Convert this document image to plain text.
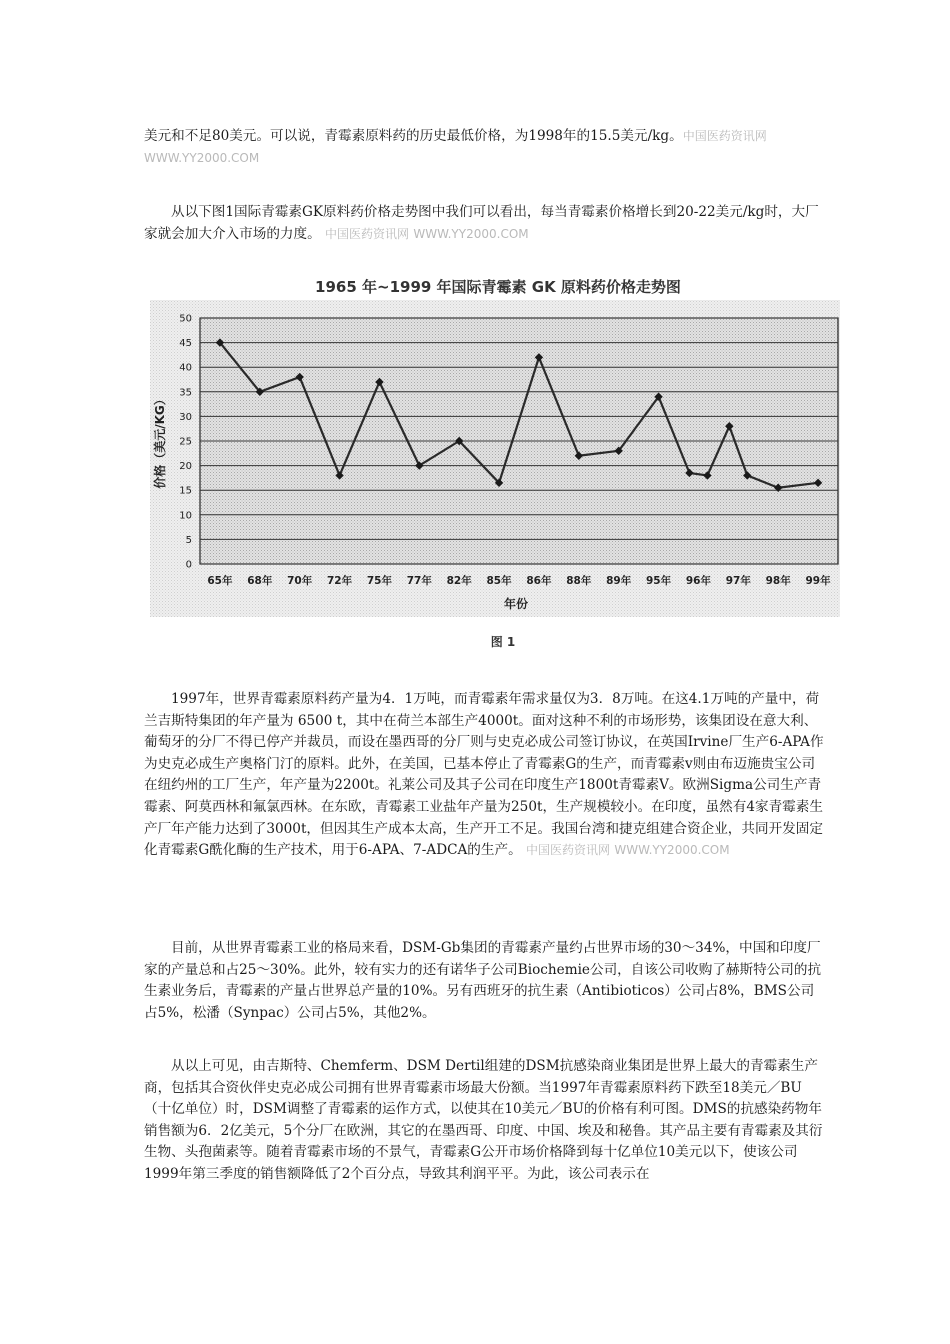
美元和不足80美元。可以说，青霉素原料药的历史最低价格，为1998年的15.5美元/kg。中国医药资讯网
WWW.YY2000.COM

从以下图1国际青霉素GK原料药价格走势图中我们可以看出，每当青霉素价格增长到20-22美元/kg时，大厂家就会加大介入市场的力度。 中国医药资讯网 WWW.YY2000.COM

1965 年~1999 年国际青霉素 GK 原料药价格走势图
0
5
10
15
20
25
30
35
40
45
50
65年 68年 70年 72年 75年 77年 82年 85年 86年 88年 89年 95年 96年 97年 98年 99年
价格（美元/KG）
年份
图 1

1997年，世界青霉素原料药产量为4．1万吨，而青霉素年需求量仅为3．8万吨。在这4.1万吨的产量中，荷兰吉斯特集团的年产量为 6500 t，其中在荷兰本部生产4000t。面对这种不利的市场形势，该集团设在意大利、葡萄牙的分厂不得已停产并裁员，而设在墨西哥的分厂则与史克必成公司签订协议，在英国Irvine厂生产6-APA作为史克必成生产奥格门汀的原料。此外，在美国，已基本停止了青霉素G的生产，而青霉素v则由布迈施贵宝公司在纽约州的工厂生产，年产量为2200t。礼莱公司及其子公司在印度生产1800t青霉素V。欧洲Sigma公司生产青霉素、阿莫西林和氟氯西林。在东欧，青霉素工业盐年产量为250t，生产规模较小。在印度，虽然有4家青霉素生产厂年产能力达到了3000t，但因其生产成本太高，生产开工不足。我国台湾和捷克组建合资企业，共同开发固定化青霉素G酰化酶的生产技术，用于6-APA、7-ADCA的生产。 中国医药资讯网 WWW.YY2000.COM

目前，从世界青霉素工业的格局来看，DSM-Gb集团的青霉素产量约占世界市场的30～34%，中国和印度厂家的产量总和占25～30%。此外，较有实力的还有诺华子公司Biochemie公司，自该公司收购了赫斯特公司的抗生素业务后，青霉素的产量占世界总产量的10%。另有西班牙的抗生素（Antibioticos）公司占8%，BMS公司占5%，松潘（Synpac）公司占5%，其他2%。

从以上可见，由吉斯特、Chemferm、DSM Dertil组建的DSM抗感染商业集团是世界上最大的青霉素生产商，包括其合资伙伴史克必成公司拥有世界青霉素市场最大份额。当1997年青霉素原料药下跌至18美元／BU（十亿单位）时，DSM调整了青霉素的运作方式，以使其在10美元／BU的价格有利可图。DMS的抗感染药物年销售额为6．2亿美元，5个分厂在欧洲，其它的在墨西哥、印度、中国、埃及和秘鲁。其产品主要有青霉素及其衍生物、头孢菌素等。随着青霉素市场的不景气，青霉素G公开市场价格降到每十亿单位10美元以下，使该公司1999年第三季度的销售额降低了2个百分点，导致其利润平平。为此，该公司表示在
